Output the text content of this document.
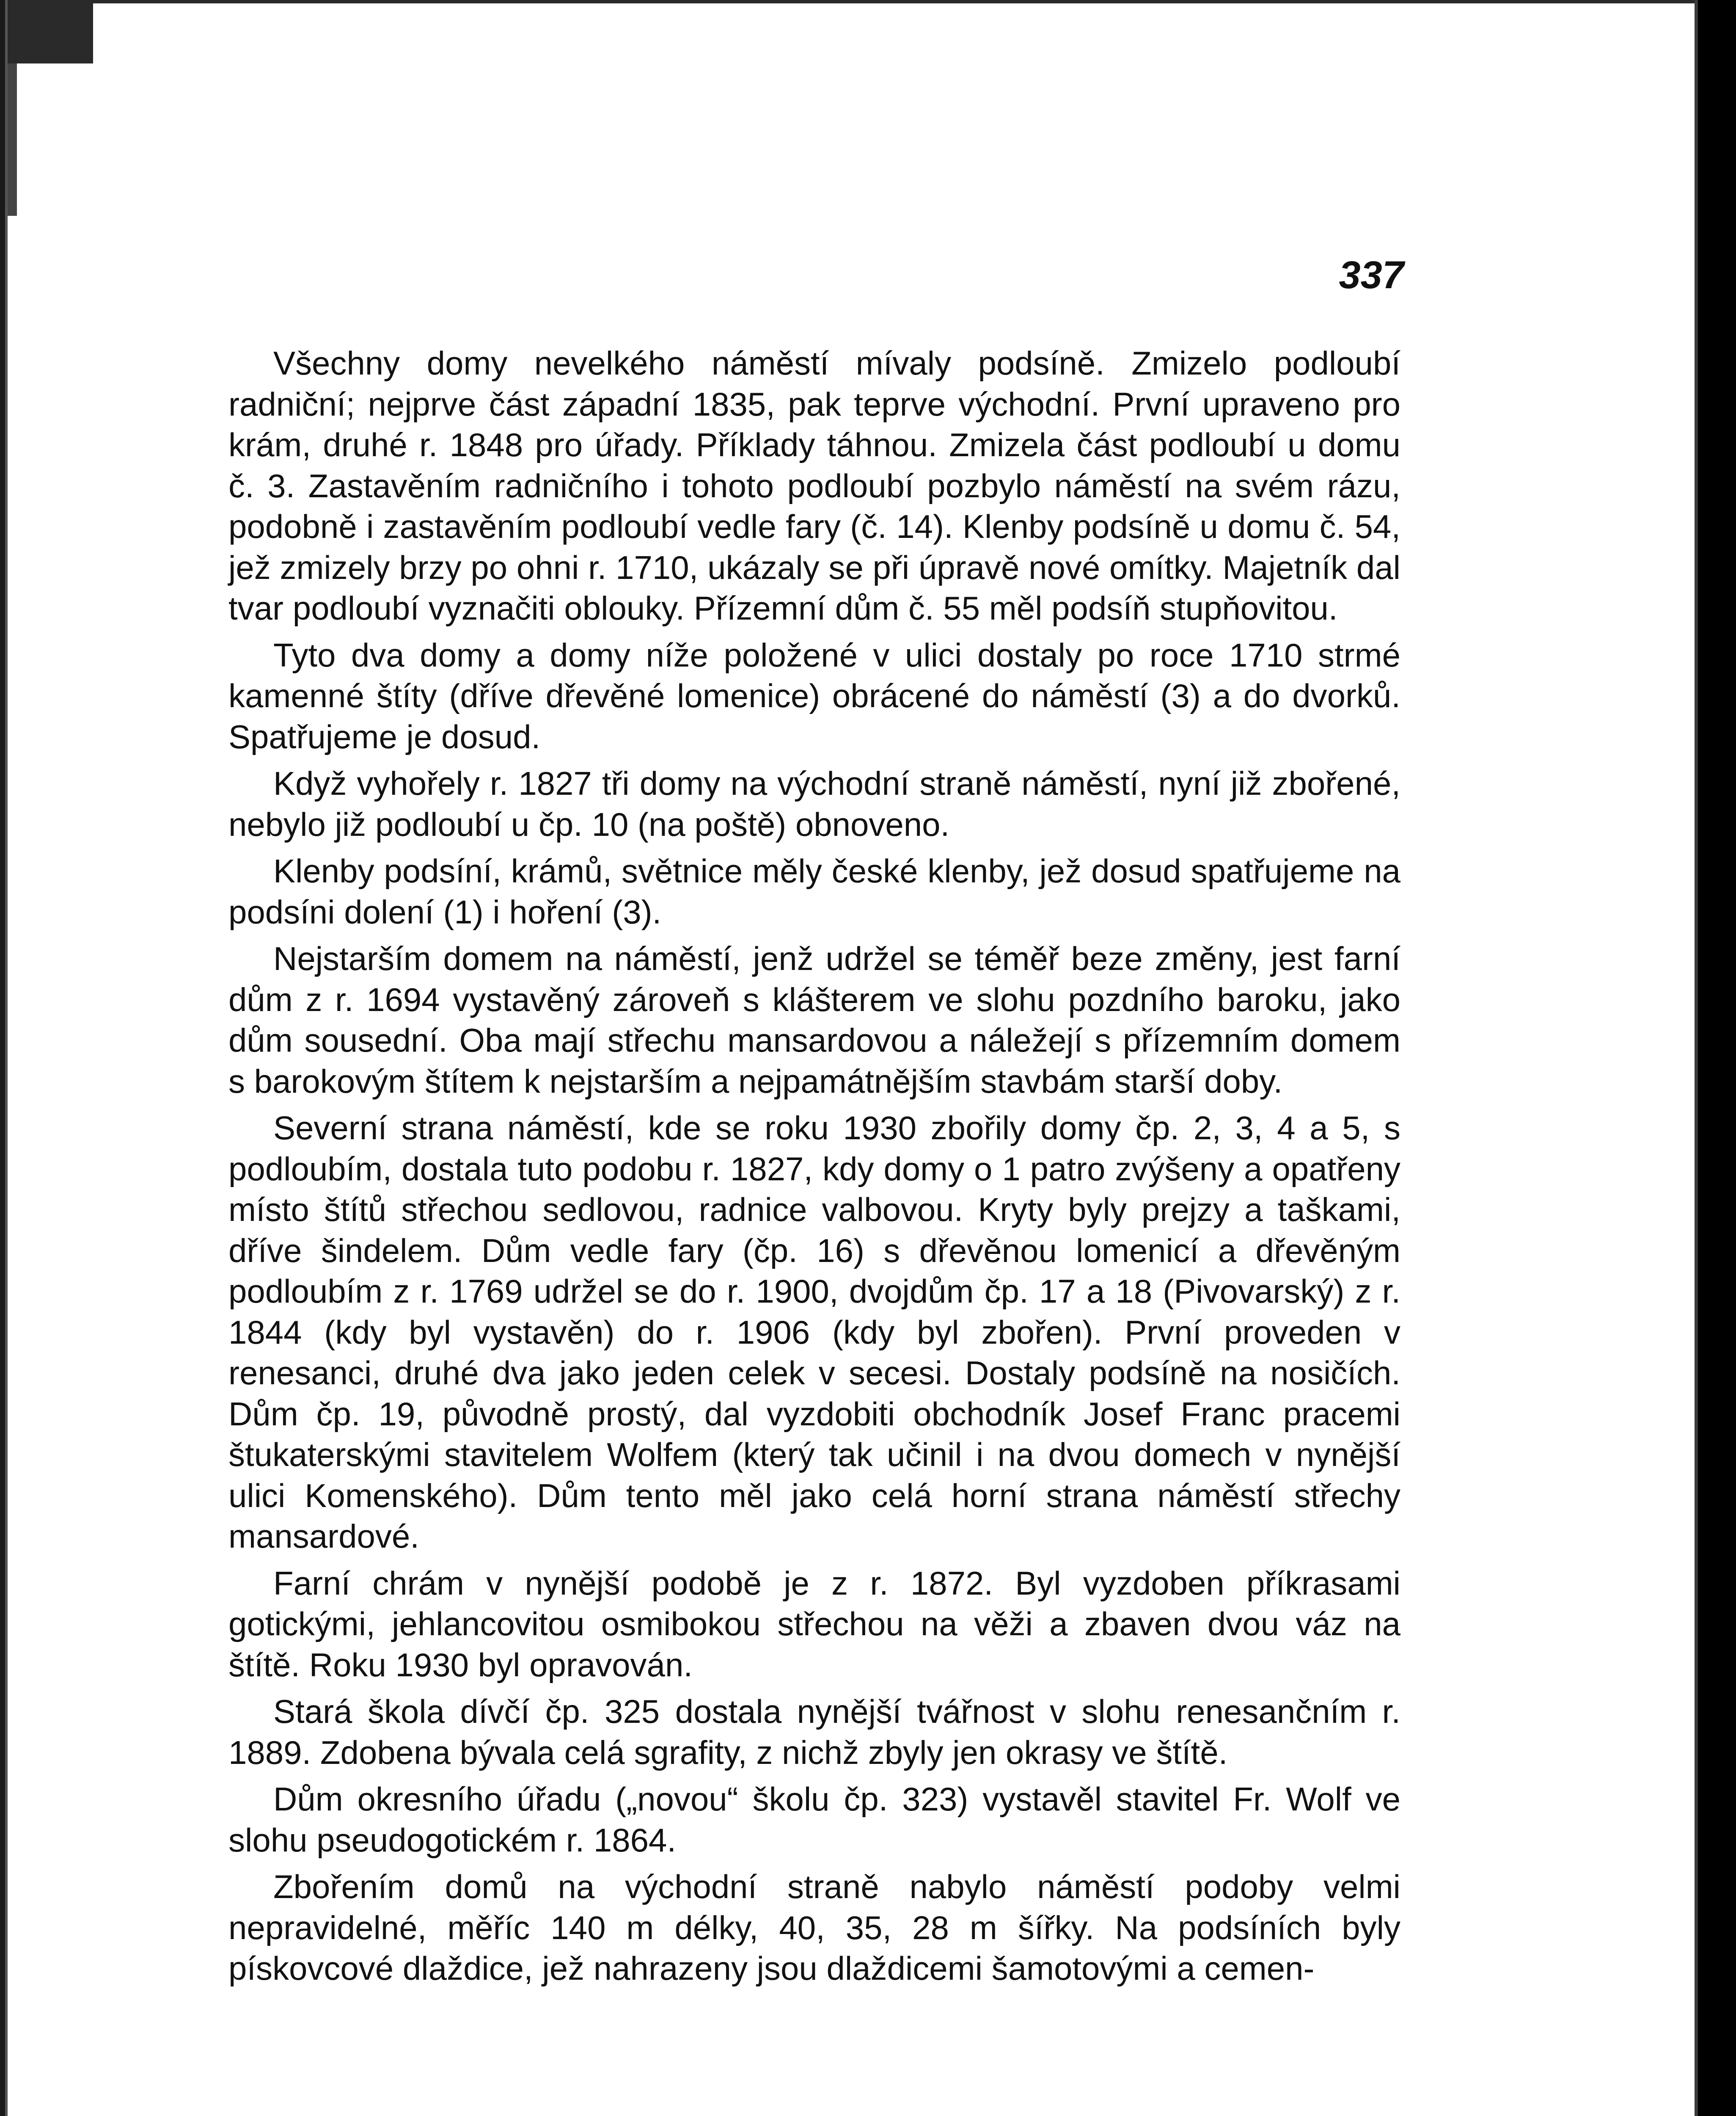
337

Všechny domy nevelkého náměstí mívaly podsíně. Zmizelo podloubí radniční; nejprve část západní 1835, pak teprve východní. První upraveno pro krám, druhé r. 1848 pro úřady. Příklady táhnou. Zmizela část podloubí u domu č. 3. Zastavěním radničního i tohoto podloubí pozbylo náměstí na svém rázu, podobně i zastavěním podloubí vedle fary (č. 14). Klenby podsíně u domu č. 54, jež zmizely brzy po ohni r. 1710, ukázaly se při úpravě nové omítky. Majetník dal tvar podloubí vyznačiti oblouky. Přízemní dům č. 55 měl podsíň stupňovitou.

Tyto dva domy a domy níže položené v ulici dostaly po roce 1710 strmé kamenné štíty (dříve dřevěné lomenice) obrácené do náměstí (3) a do dvorků. Spatřujeme je dosud.

Když vyhořely r. 1827 tři domy na východní straně náměstí, nyní již zbořené, nebylo již podloubí u čp. 10 (na poště) obnoveno.

Klenby podsíní, krámů, světnice měly české klenby, jež dosud spatřujeme na podsíni dolení (1) i hoření (3).

Nejstarším domem na náměstí, jenž udržel se téměř beze změny, jest farní dům z r. 1694 vystavěný zároveň s klášterem ve slohu pozdního baroku, jako dům sousední. Oba mají střechu mansardovou a náležejí s přízemním domem s barokovým štítem k nejstarším a nejpamátnějším stavbám starší doby.

Severní strana náměstí, kde se roku 1930 zbořily domy čp. 2, 3, 4 a 5, s podloubím, dostala tuto podobu r. 1827, kdy domy o 1 patro zvýšeny a opatřeny místo štítů střechou sedlovou, radnice valbovou. Kryty byly prejzy a taškami, dříve šindelem. Dům vedle fary (čp. 16) s dřevěnou lomenicí a dřevěným podloubím z r. 1769 udržel se do r. 1900, dvojdům čp. 17 a 18 (Pivovarský) z r. 1844 (kdy byl vystavěn) do r. 1906 (kdy byl zbořen). První proveden v renesanci, druhé dva jako jeden celek v secesi. Dostaly podsíně na nosičích. Dům čp. 19, původně prostý, dal vyzdobiti obchodník Josef Franc pracemi štukaterskými stavitelem Wolfem (který tak učinil i na dvou domech v nynější ulici Komenského). Dům tento měl jako celá horní strana náměstí střechy mansardové.

Farní chrám v nynější podobě je z r. 1872. Byl vyzdoben příkrasami gotickými, jehlancovitou osmibokou střechou na věži a zbaven dvou váz na štítě. Roku 1930 byl opravován.

Stará škola dívčí čp. 325 dostala nynější tvářnost v slohu renesančním r. 1889. Zdobena bývala celá sgrafity, z nichž zbyly jen okrasy ve štítě.

Dům okresního úřadu („novou“ školu čp. 323) vystavěl stavitel Fr. Wolf ve slohu pseudogotickém r. 1864.

Zbořením domů na východní straně nabylo náměstí podoby velmi nepravidelné, měříc 140 m délky, 40, 35, 28 m šířky. Na podsíních byly pískovcové dlaždice, jež nahrazeny jsou dlaždicemi šamotovými a cemen-
